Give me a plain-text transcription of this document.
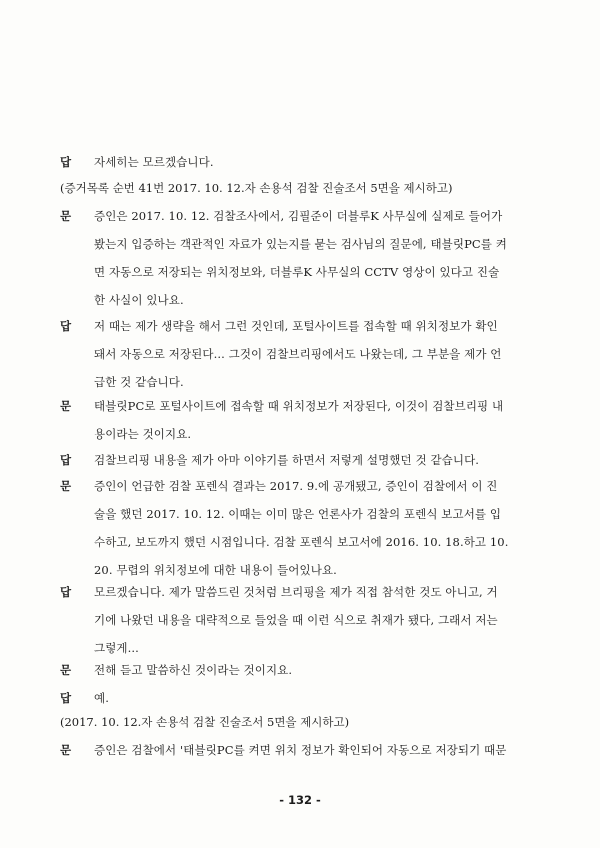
답	자세히는 모르겠습니다.
(증거목록 순번 41번 2017. 10. 12.자 손용석 검찰 진술조서 5면을 제시하고)
문	증인은 2017. 10. 12. 검찰조사에서, 김필준이 더블루K 사무실에 실제로 들어가
봤는지 입증하는 객관적인 자료가 있는지를 묻는 검사님의 질문에, 태블릿PC를 켜
면 자동으로 저장되는 위치정보와, 더블루K 사무실의 CCTV 영상이 있다고 진술
한 사실이 있나요.
답	저 때는 제가 생략을 해서 그런 것인데, 포털사이트를 접속할 때 위치정보가 확인
돼서 자동으로 저장된다... 그것이 검찰브리핑에서도 나왔는데, 그 부분을 제가 언
급한 것 같습니다.
문	태블릿PC로 포털사이트에 접속할 때 위치정보가 저장된다, 이것이 검찰브리핑 내
용이라는 것이지요.
답	검찰브리핑 내용을 제가 아마 이야기를 하면서 저렇게 설명했던 것 같습니다.
문	증인이 언급한 검찰 포렌식 결과는 2017. 9.에 공개됐고, 증인이 검찰에서 이 진
술을 했던 2017. 10. 12. 이때는 이미 많은 언론사가 검찰의 포렌식 보고서를 입
수하고, 보도까지 했던 시점입니다. 검찰 포렌식 보고서에 2016. 10. 18.하고 10.
20. 무렵의 위치정보에 대한 내용이 들어있나요.
답	모르겠습니다. 제가 말씀드린 것처럼 브리핑을 제가 직접 참석한 것도 아니고, 거
기에 나왔던 내용을 대략적으로 들었을 때 이런 식으로 취재가 됐다, 그래서 저는
그렇게...
문	전해 듣고 말씀하신 것이라는 것이지요.
답	예.
(2017. 10. 12.자 손용석 검찰 진술조서 5면을 제시하고)
문	증인은 검찰에서 '태블릿PC를 켜면 위치 정보가 확인되어 자동으로 저장되기 때문
- 132 -
